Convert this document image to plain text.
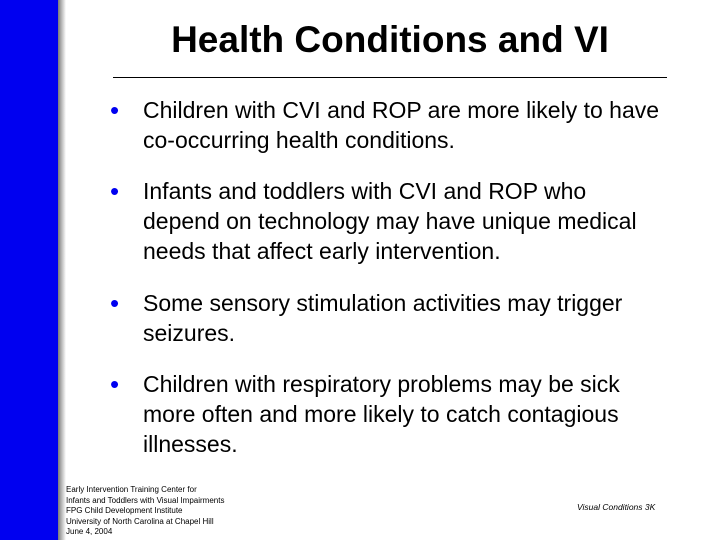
Health Conditions and VI
•	Children with CVI and ROP are more likely to have co-occurring health conditions.
•	Infants and toddlers with CVI and ROP who depend on technology may have unique medical needs that affect early intervention.
•	Some sensory stimulation activities may trigger seizures.
•	Children with respiratory problems may be sick more often and more likely to catch contagious illnesses.
Early Intervention Training Center for
Infants and Toddlers with Visual Impairments
FPG Child Development Institute
University of North Carolina at Chapel Hill
June 4, 2004
Visual Conditions 3K
